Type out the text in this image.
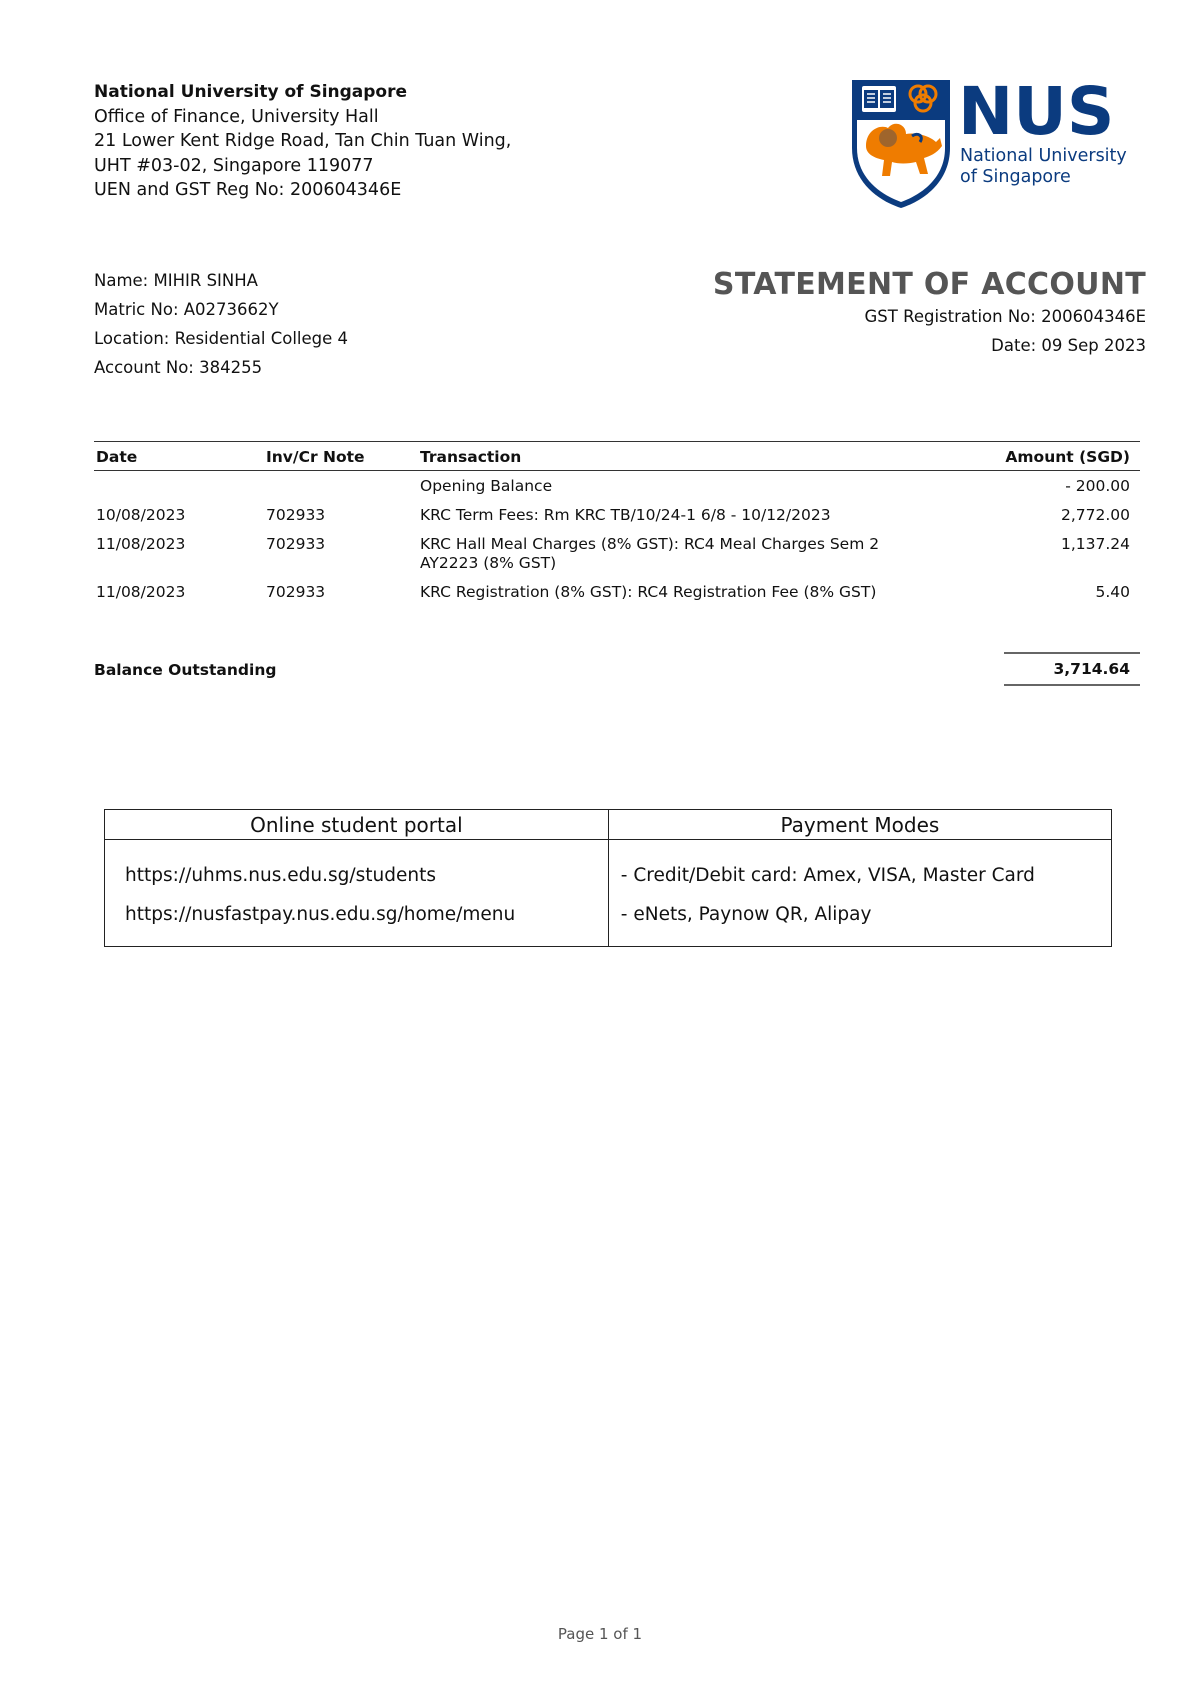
National University of Singapore
Office of Finance, University Hall
21 Lower Kent Ridge Road, Tan Chin Tuan Wing,
UHT #03-02, Singapore 119077
UEN and GST Reg No: 200604346E
NUS
National University
of Singapore
Name: MIHIR SINHA
Matric No: A0273662Y
Location: Residential College 4
Account No: 384255
STATEMENT OF ACCOUNT
GST Registration No: 200604346E
Date: 09 Sep 2023
Date	Inv/Cr Note	Transaction	Amount (SGD)
		Opening Balance	- 200.00
10/08/2023	702933	KRC Term Fees: Rm KRC TB/10/24-1 6/8 - 10/12/2023	2,772.00
11/08/2023	702933	KRC Hall Meal Charges (8% GST): RC4 Meal Charges Sem 2 AY2223 (8% GST)	1,137.24
11/08/2023	702933	KRC Registration (8% GST): RC4 Registration Fee (8% GST)	5.40
Balance Outstanding	3,714.64
Online student portal	Payment Modes
https://uhms.nus.edu.sg/students	- Credit/Debit card: Amex, VISA, Master Card
https://nusfastpay.nus.edu.sg/home/menu	- eNets, Paynow QR, Alipay
Page 1 of 1
